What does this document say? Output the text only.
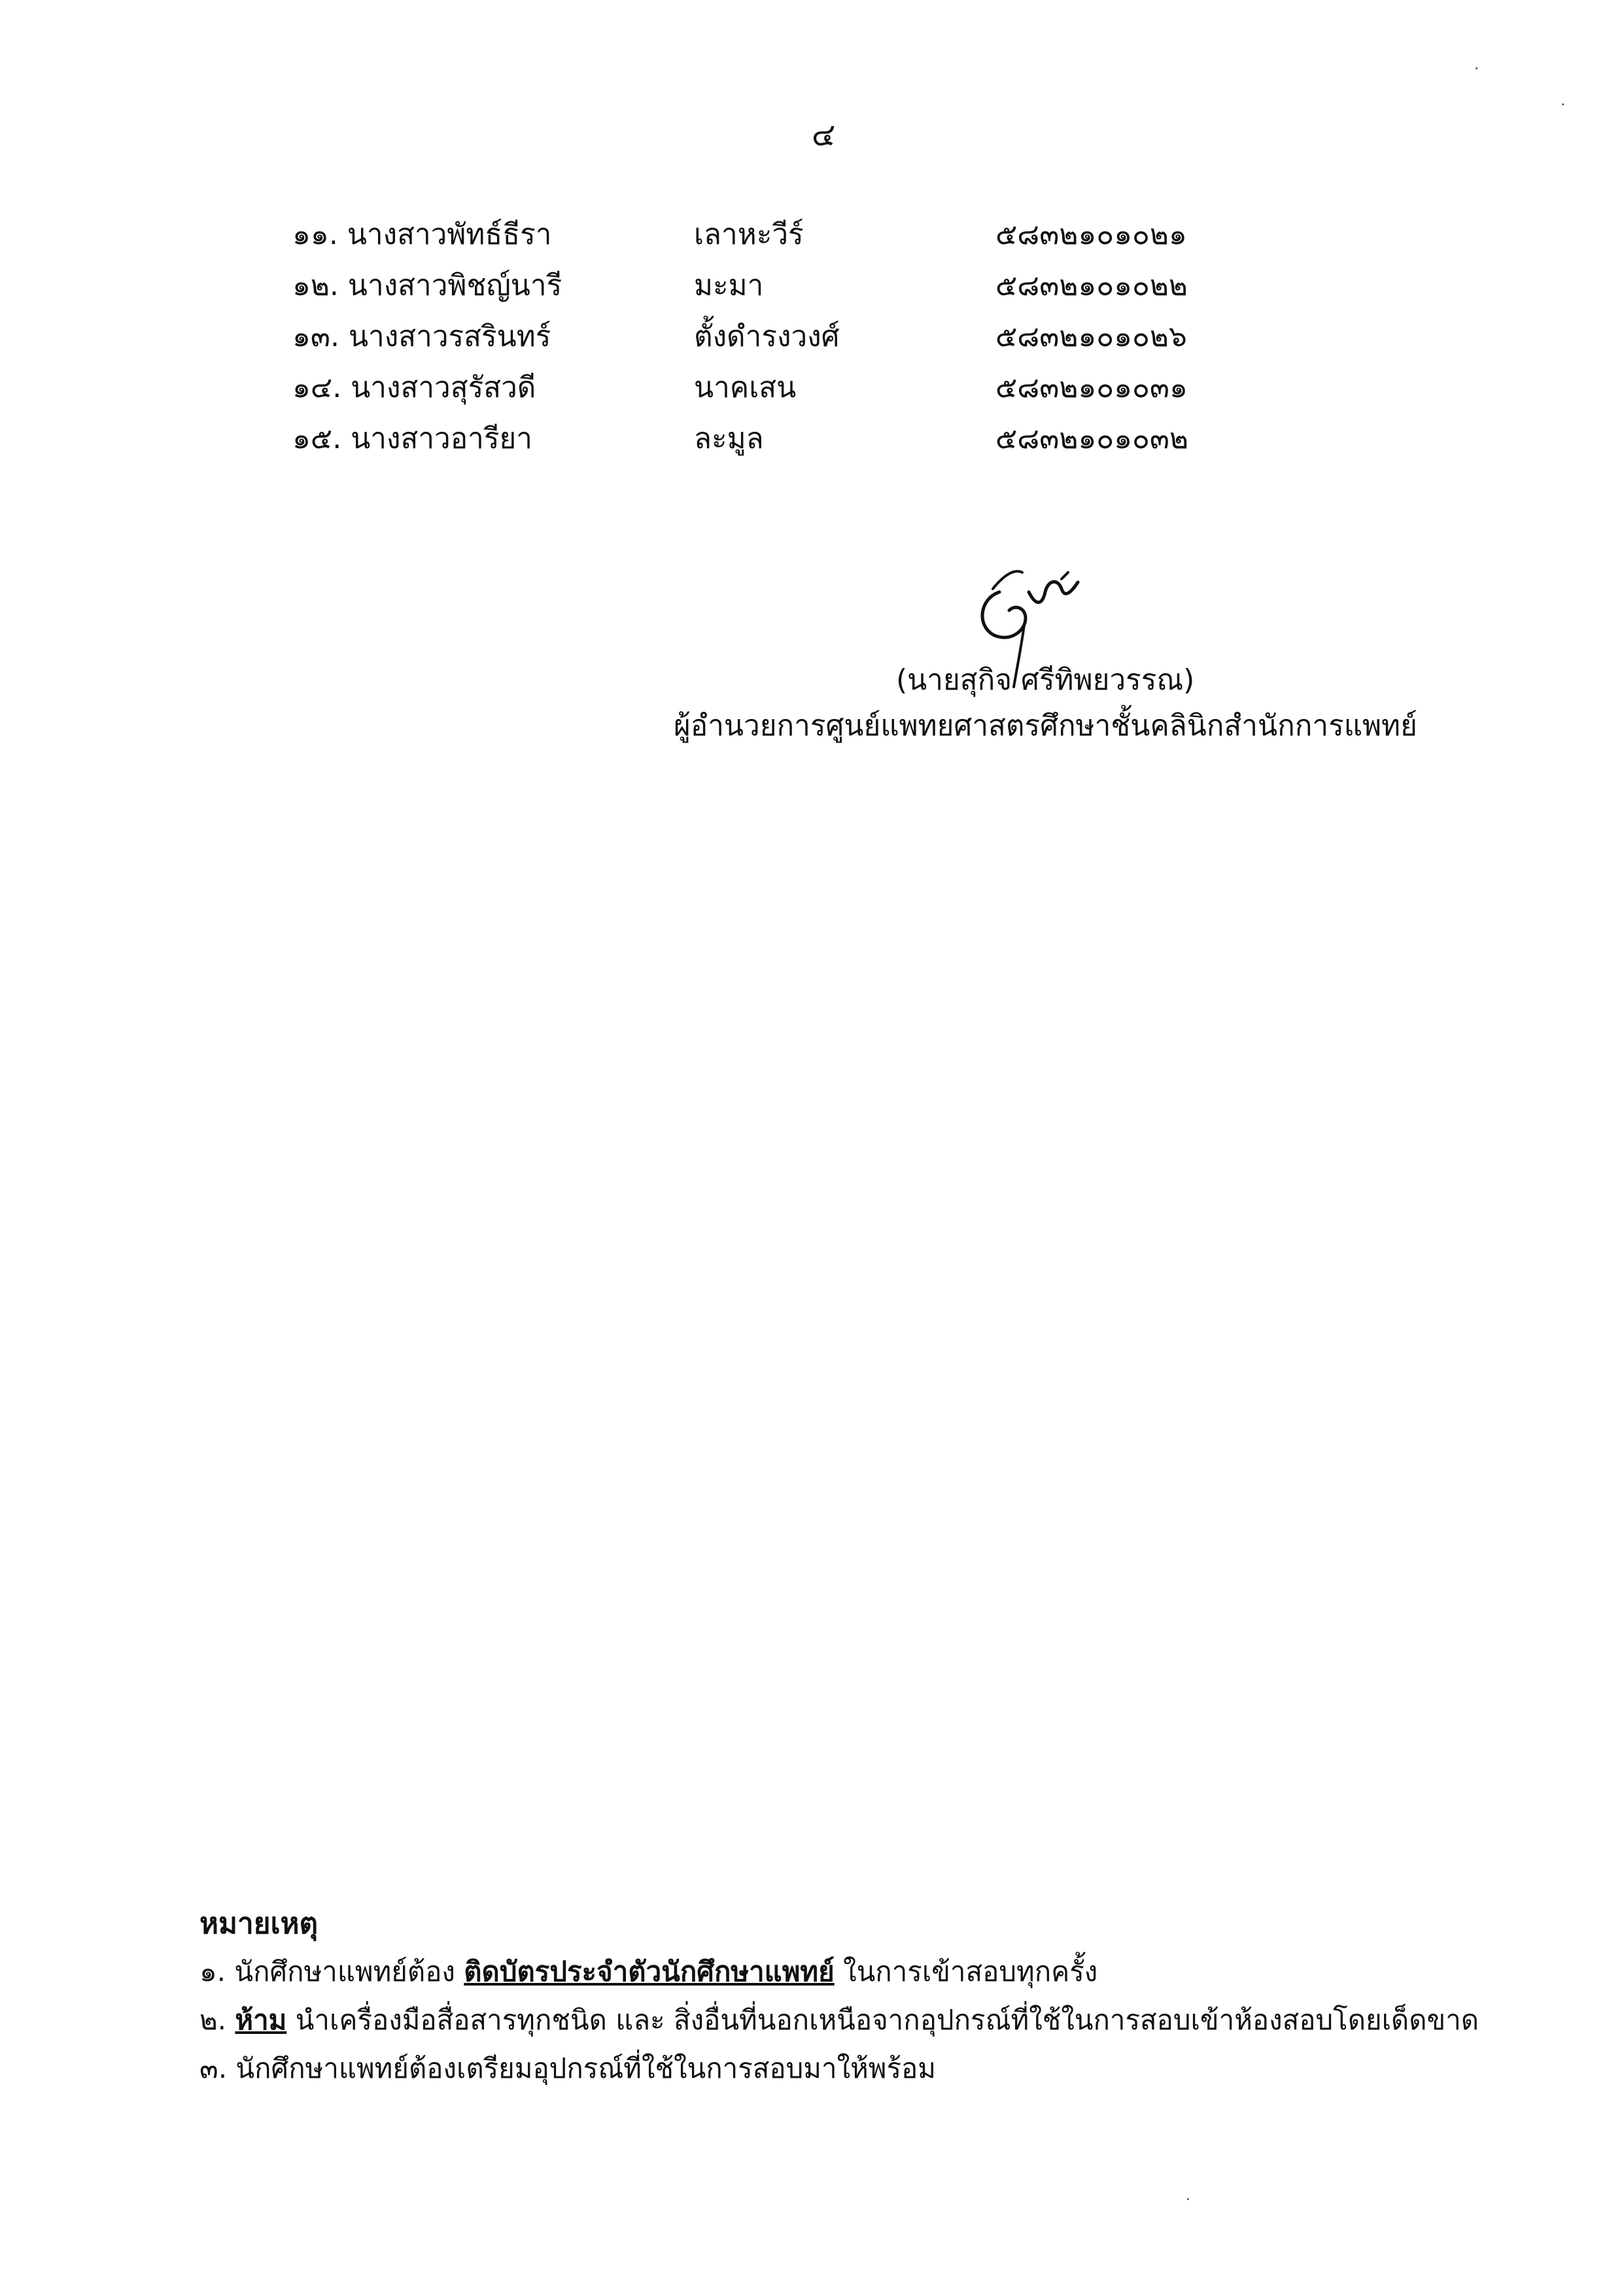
๔
๑๑. นางสาวพัทธ์ธีรา	เลาหะวีร์	๕๘๓๒๑๐๑๐๒๑
๑๒. นางสาวพิชญ์นารี	มะมา	๕๘๓๒๑๐๑๐๒๒
๑๓. นางสาวรสรินทร์	ตั้งดำรงวงศ์	๕๘๓๒๑๐๑๐๒๖
๑๔. นางสาวสุรัสวดี	นาคเสน	๕๘๓๒๑๐๑๐๓๑
๑๕. นางสาวอารียา	ละมูล	๕๘๓๒๑๐๑๐๓๒
(นายสุกิจ ศรีทิพยวรรณ)
ผู้อำนวยการศูนย์แพทยศาสตรศึกษาชั้นคลินิกสำนักการแพทย์
หมายเหตุ
๑. นักศึกษาแพทย์ต้อง ติดบัตรประจำตัวนักศึกษาแพทย์ ในการเข้าสอบทุกครั้ง
๒. ห้าม นำเครื่องมือสื่อสารทุกชนิด และ สิ่งอื่นที่นอกเหนือจากอุปกรณ์ที่ใช้ในการสอบเข้าห้องสอบโดยเด็ดขาด
๓. นักศึกษาแพทย์ต้องเตรียมอุปกรณ์ที่ใช้ในการสอบมาให้พร้อม
